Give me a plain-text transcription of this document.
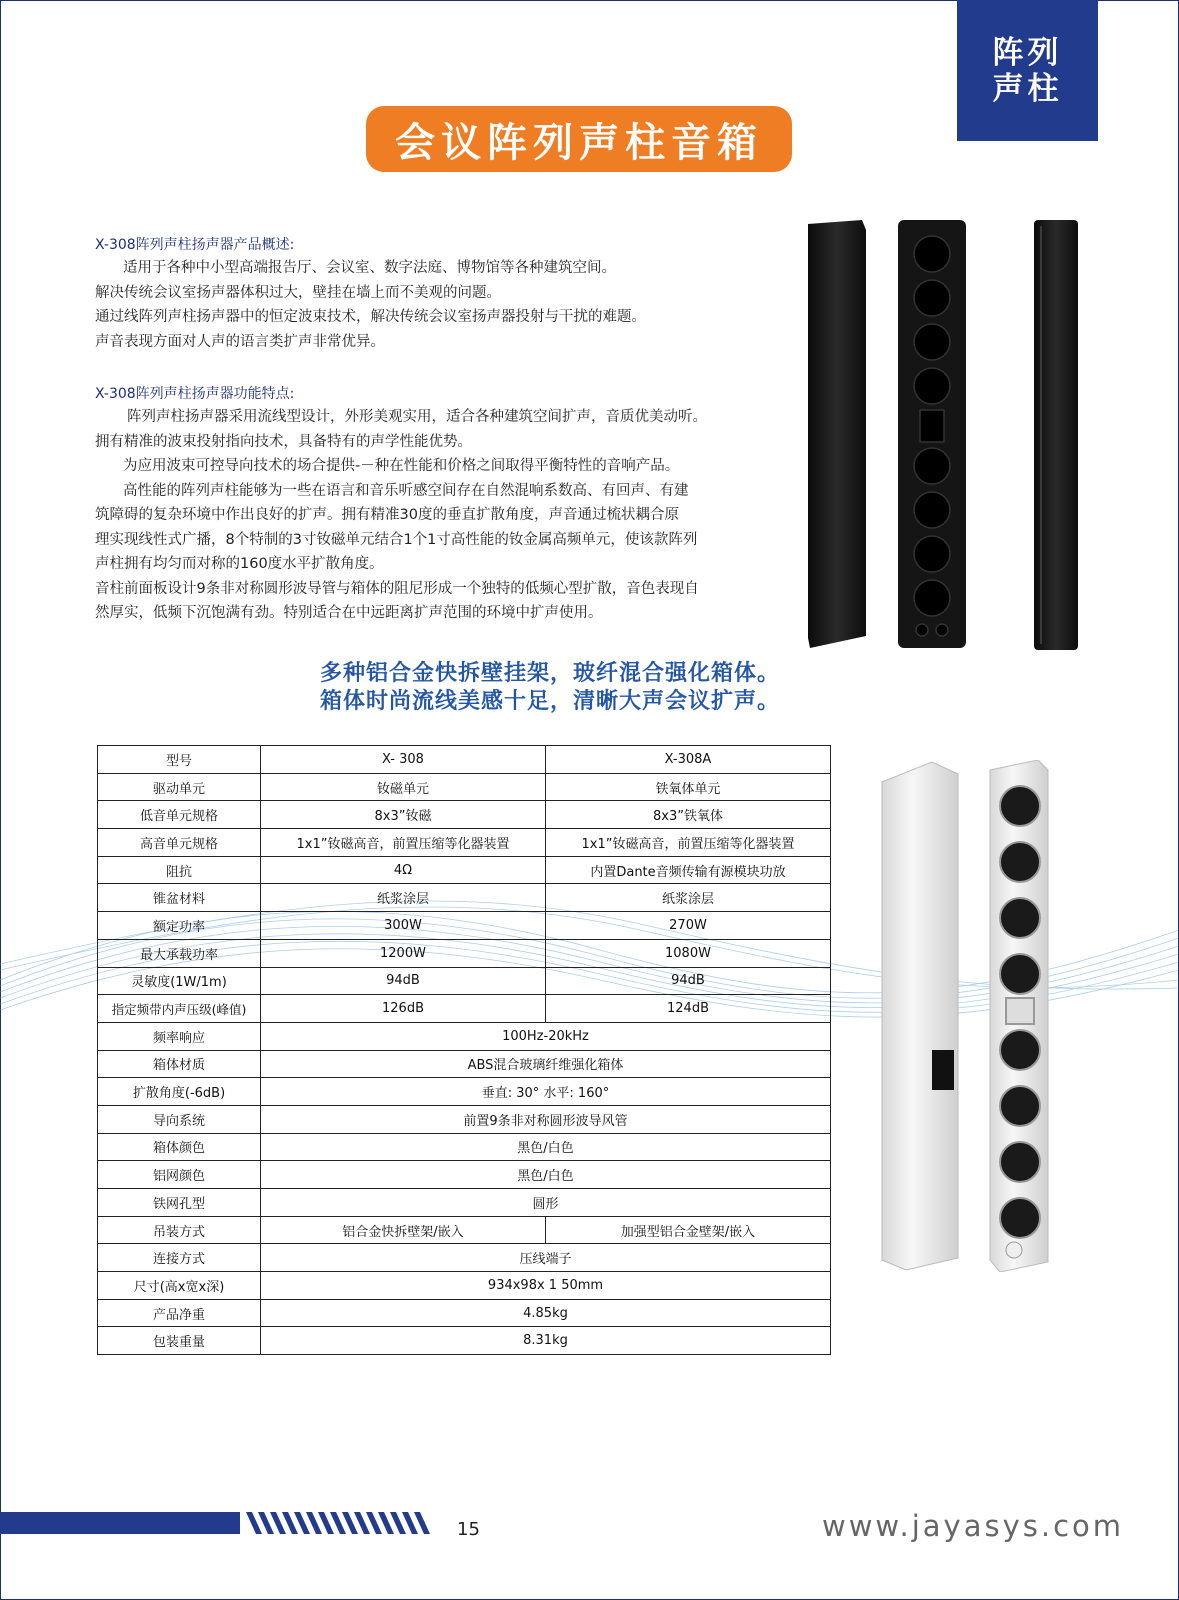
阵列
声柱
会议阵列声柱音箱
X-308阵列声柱扬声器产品概述:
适用于各种中小型高端报告厅、会议室、数字法庭、博物馆等各种建筑空间。
解决传统会议室扬声器体积过大，壁挂在墙上而不美观的问题。
通过线阵列声柱扬声器中的恒定波束技术，解决传统会议室扬声器投射与干扰的难题。
声音表现方面对人声的语言类扩声非常优异。
X-308阵列声柱扬声器功能特点:
阵列声柱扬声器采用流线型设计，外形美观实用，适合各种建筑空间扩声，音质优美动听。
拥有精准的波束投射指向技术，具备特有的声学性能优势。
为应用波束可控导向技术的场合提供-－种在性能和价格之间取得平衡特性的音响产品。
高性能的阵列声柱能够为一些在语言和音乐听感空间存在自然混响系数高、有回声、有建
筑障碍的复杂环境中作出良好的扩声。拥有精准30度的垂直扩散角度，声音通过梳状耦合原
理实现线性式广播，8个特制的3寸钕磁单元结合1个1寸高性能的钕金属高频单元，使该款阵列
声柱拥有均匀而对称的160度水平扩散角度。
音柱前面板设计9条非对称圆形波导管与箱体的阻尼形成一个独特的低频心型扩散，音色表现自
然厚实，低频下沉饱满有劲。特别适合在中远距离扩声范围的环境中扩声使用。
多种铝合金快拆壁挂架，玻纤混合强化箱体。
箱体时尚流线美感十足，清晰大声会议扩声。
型号	X- 308	X-308A
驱动单元	钕磁单元	铁氧体单元
低音单元规格	8x3”钕磁	8x3”铁氧体
高音单元规格	1x1”钕磁高音，前置压缩等化器装置	1x1”钕磁高音，前置压缩等化器装置
阻抗	4Ω	内置Dante音频传输有源模块功放
锥盆材料	纸浆涂层	纸浆涂层
额定功率	300W	270W
最大承载功率	1200W	1080W
灵敏度(1W/1m)	94dB	94dB
指定频带内声压级(峰值)	126dB	124dB
频率响应	100Hz-20kHz	
箱体材质	ABS混合玻璃纤维强化箱体	
扩散角度(-6dB)	垂直: 30° 水平: 160°	
导向系统	前置9条非对称圆形波导风管	
箱体颜色	黑色/白色	
铝网颜色	黑色/白色	
铁网孔型	圆形	
吊装方式	铝合金快拆壁架/嵌入	加强型铝合金壁架/嵌入
连接方式	压线端子	
尺寸(高x宽x深)	934x98x 1 50mm	
产品净重	4.85kg	
包装重量	8.31kg	
15	www.jayasys.com
